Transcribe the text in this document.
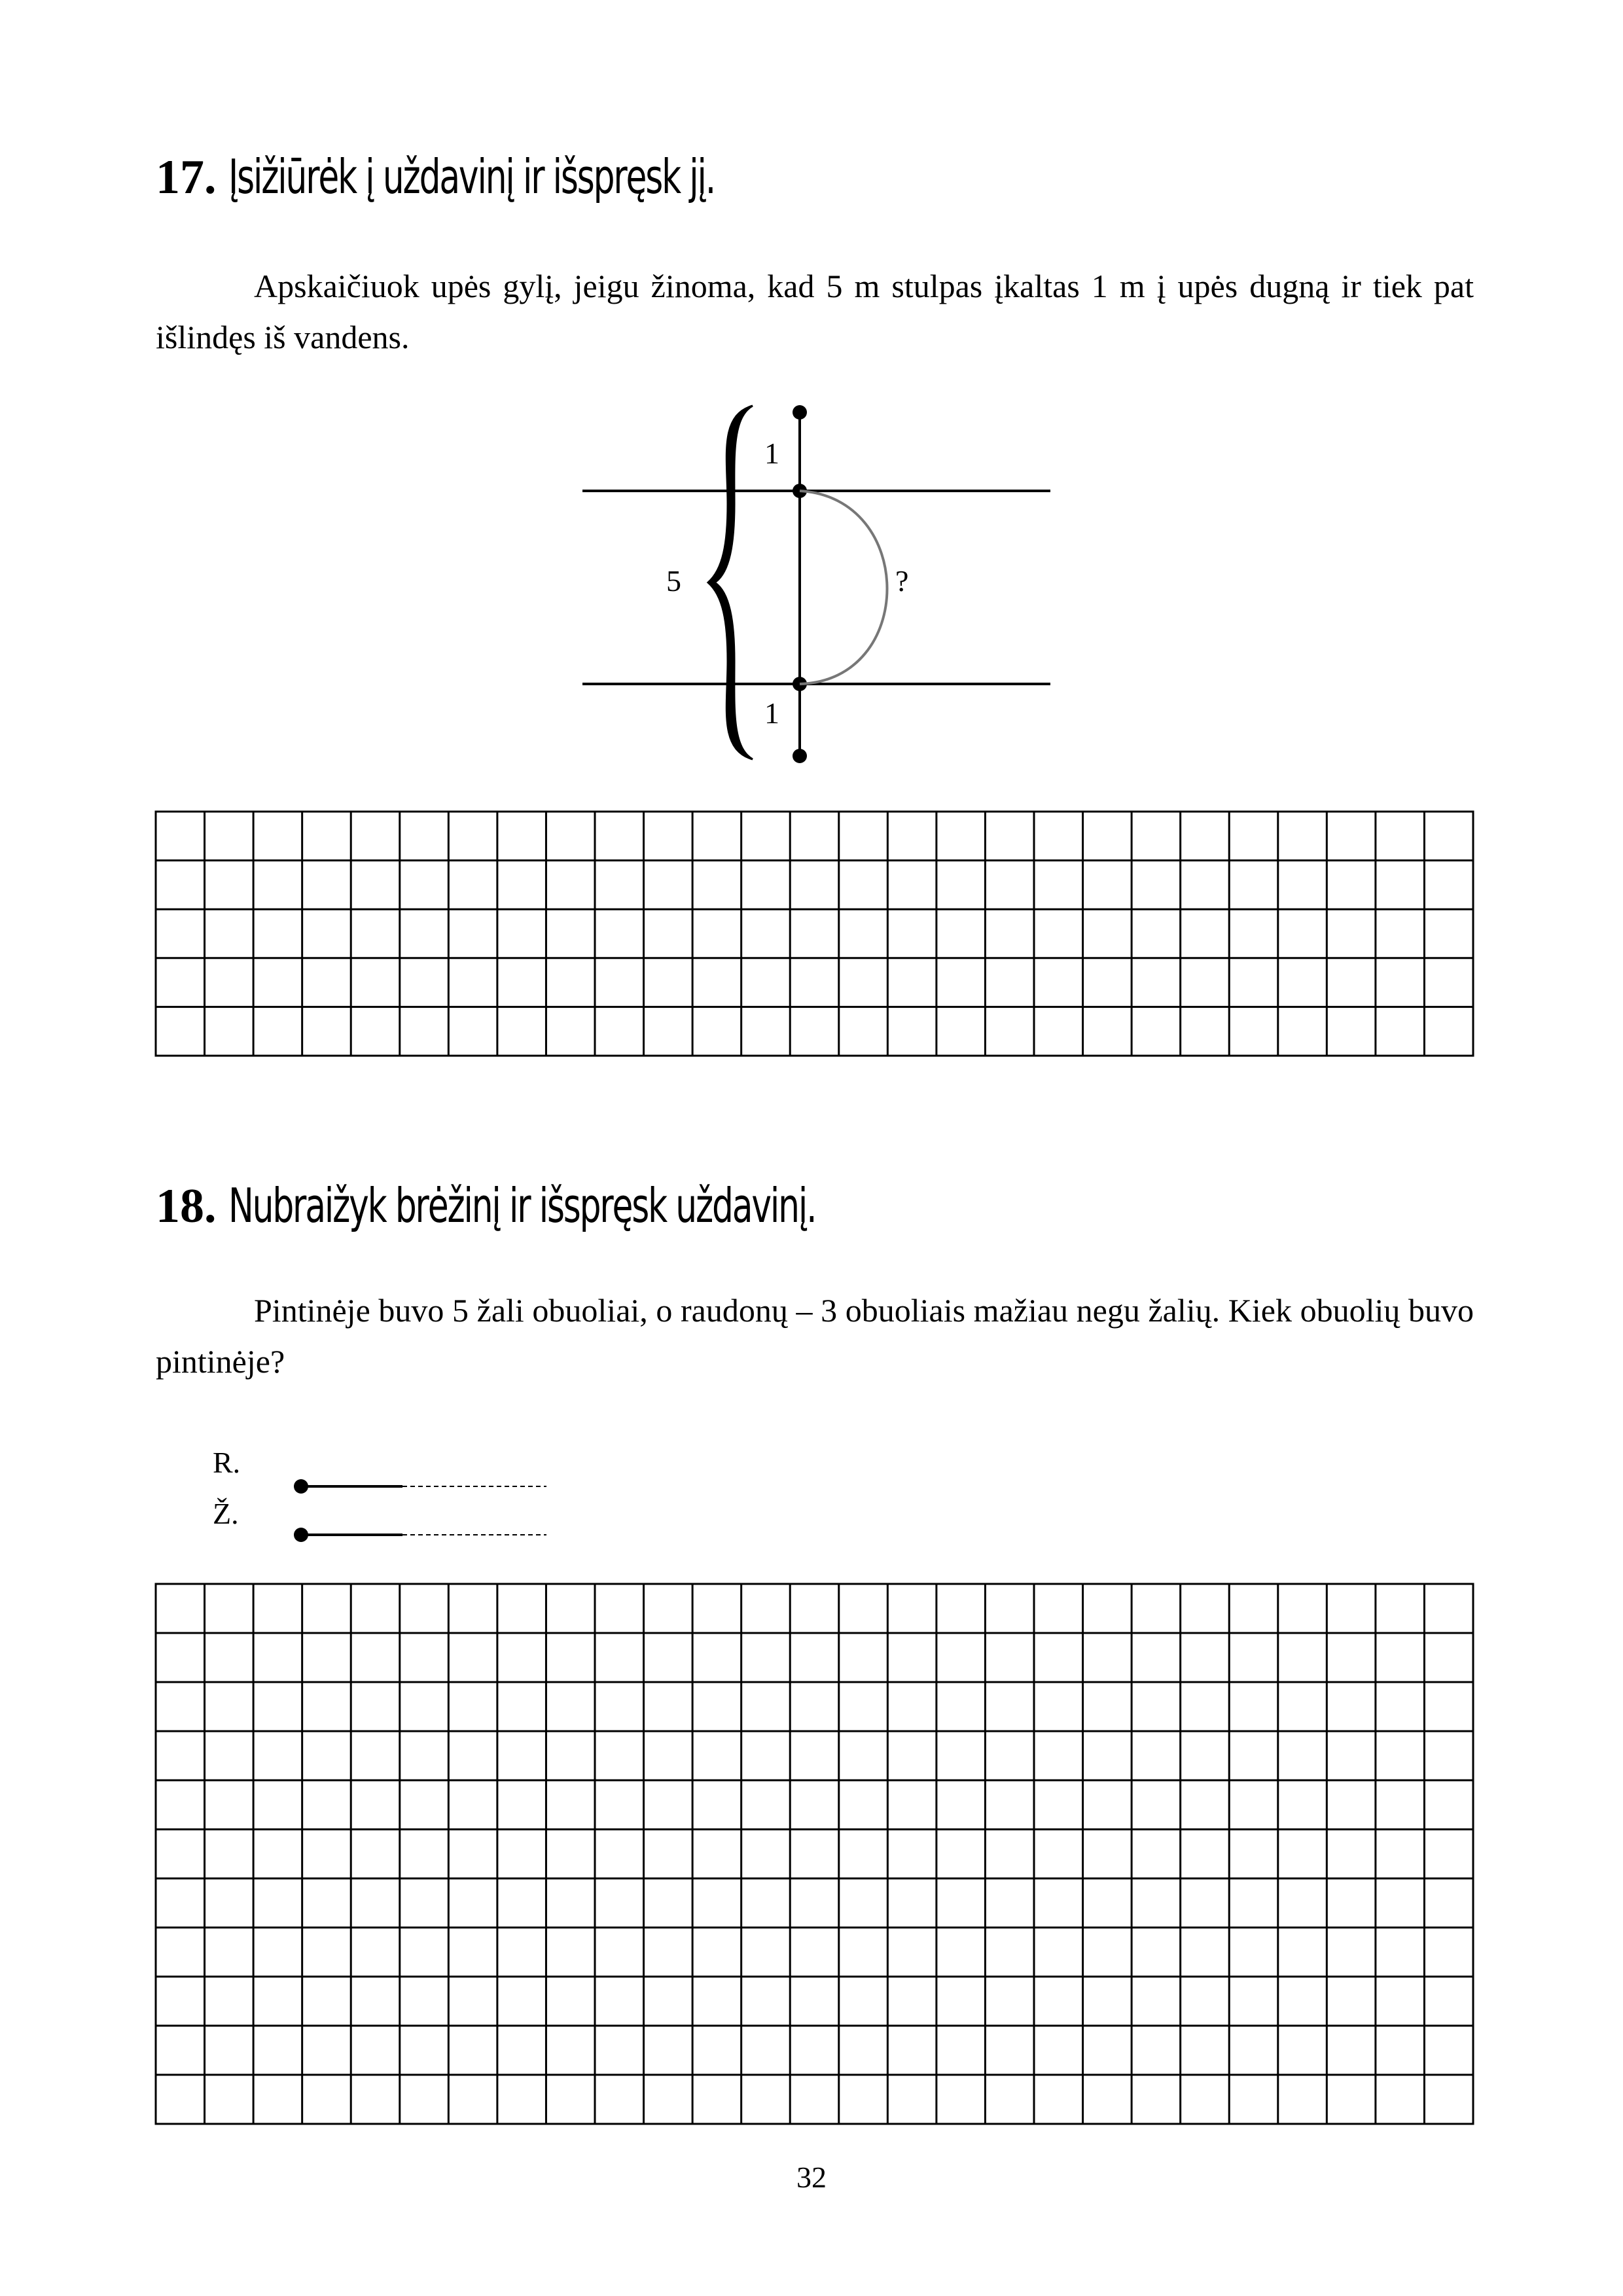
17. Įsižiūrėk į uždavinį ir išspręsk jį.

Apskaičiuok upės gylį, jeigu žinoma, kad 5 m stulpas įkaltas 1 m į upės dugną ir tiek pat išlindęs iš vandens.

5
1
1
?
R.
Ž.
18. Nubraižyk brėžinį ir išspręsk uždavinį.

Pintinėje buvo 5 žali obuoliai, o raudonų – 3 obuoliais mažiau negu žalių. Kiek obuolių buvo pintinėje?

32
